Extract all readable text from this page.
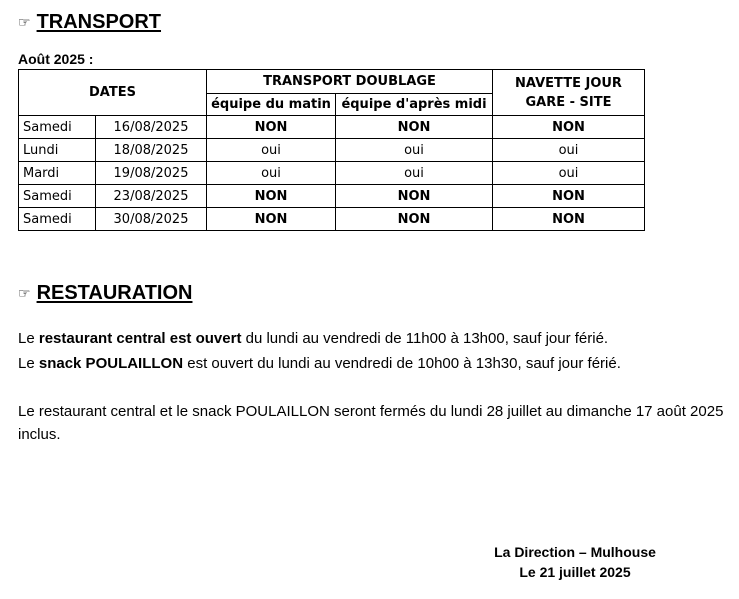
☞ TRANSPORT
Août 2025 :
DATES		TRANSPORT DOUBLAGE		NAVETTE JOUR
GARE - SITE

		équipe du matin	équipe d'après midi	
Samedi	16/08/2025	NON	NON	NON
Lundi	18/08/2025	oui	oui	oui
Mardi	19/08/2025	oui	oui	oui
Samedi	23/08/2025	NON	NON	NON
Samedi	30/08/2025	NON	NON	NON
☞ RESTAURATION
Le restaurant central est ouvert du lundi au vendredi de 11h00 à 13h00, sauf jour férié.
Le snack POULAILLON est ouvert du lundi au vendredi de 10h00 à 13h30, sauf jour férié.
Le restaurant central et le snack POULAILLON seront fermés du lundi 28 juillet au dimanche 17 août 2025 inclus.
La Direction – Mulhouse
Le 21 juillet 2025
